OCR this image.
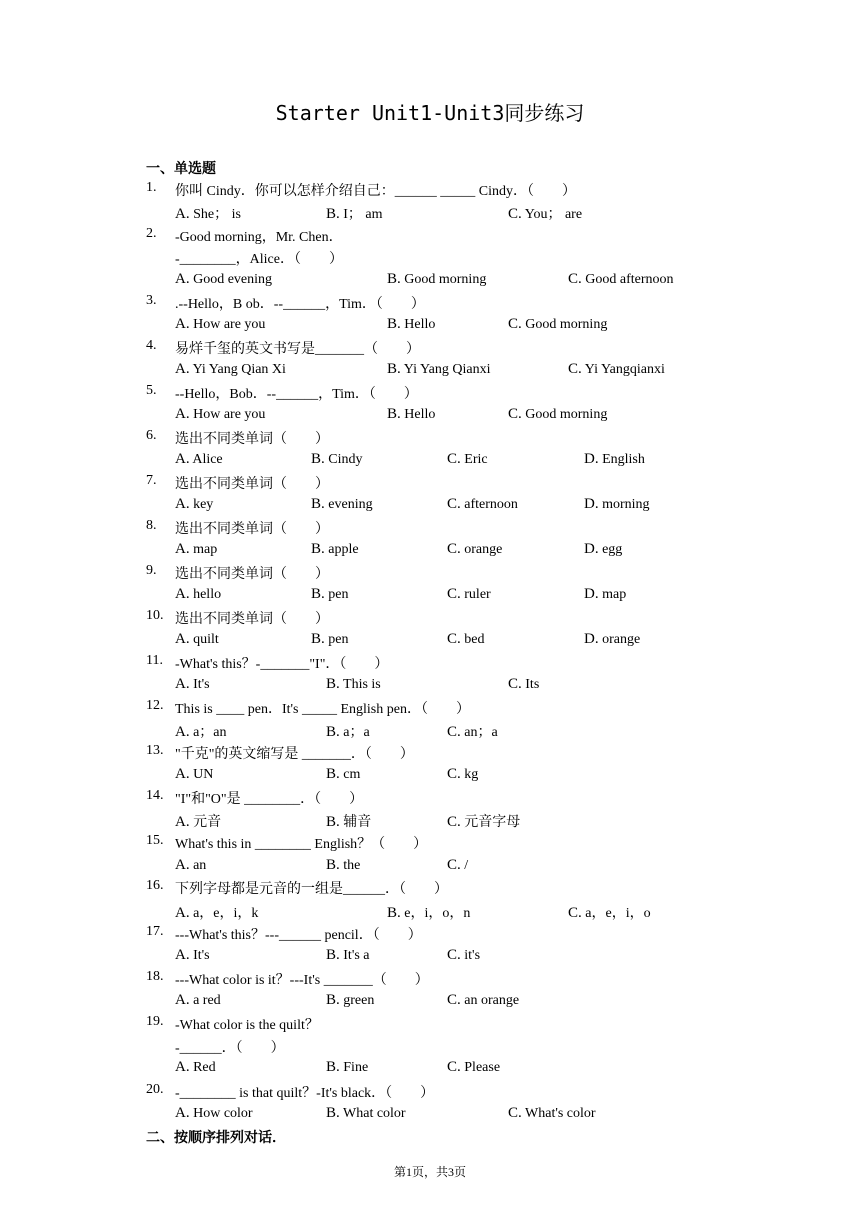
Starter Unit1-Unit3同步练习
一、单选题
1. 你叫 Cindy．你可以怎样介绍自己：______ _____ Cindy．（　　）
A. She； is	B. I； am	C. You； are
2. -Good morning，Mr. Chen．
-________，Alice．（　　）
A. Good evening	B. Good morning	C. Good afternoon
3. .--Hello，B ob．--______，Tim．（　　）
A. How are you	B. Hello	C. Good morning
4. 易烊千玺的英文书写是_______（　　）
A. Yi Yang Qian Xi	B. Yi Yang Qianxi	C. Yi Yangqianxi
5. --Hello，Bob．--______，Tim．（　　）
A. How are you	B. Hello	C. Good morning
6. 选出不同类单词（　　）
A. Alice	B. Cindy	C. Eric	D. English
7. 选出不同类单词（　　）
A. key	B. evening	C. afternoon	D. morning
8. 选出不同类单词（　　）
A. map	B. apple	C. orange	D. egg
9. 选出不同类单词（　　）
A. hello	B. pen	C. ruler	D. map
10. 选出不同类单词（　　）
A. quilt	B. pen	C. bed	D. orange
11. -What's this？-_______"I"．（　　）
A. It's	B. This is	C. Its
12. This is ____ pen．It's _____ English pen．（　　）
A. a；an	B. a；a	C. an；a
13. "千克"的英文缩写是 _______．（　　）
A. UN	B. cm	C. kg
14. "I"和"O"是 ________．（　　）
A. 元音	B. 辅音	C. 元音字母
15. What's this in ________ English？（　　）
A. an	B. the	C. /
16. 下列字母都是元音的一组是______．（　　）
A. a，e，i，k	B. e，i，o，n	C. a，e，i，o
17. ---What's this？---______ pencil．（　　）
A. It's	B. It's a	C. it's
18. ---What color is it？---It's _______（　　）
A. a red	B. green	C. an orange
19. -What color is the quilt？
-______．（　　）
A. Red	B. Fine	C. Please
20. -________ is that quilt？-It's black．（　　）
A. How color	B. What color	C. What's color
二、按顺序排列对话．
第1页，共3页
